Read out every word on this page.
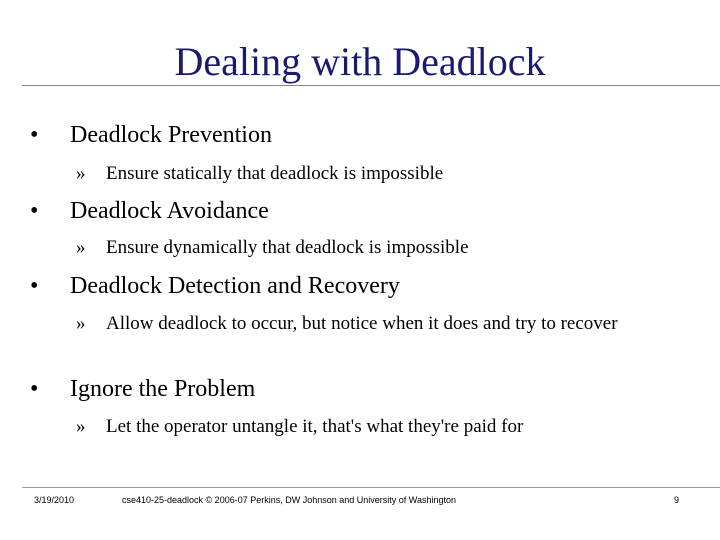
Dealing with Deadlock
• Deadlock Prevention
»	Ensure statically that deadlock is impossible
• Deadlock Avoidance
»	Ensure dynamically that deadlock is impossible
• Deadlock Detection and Recovery
»	Allow deadlock to occur, but notice when it does and try to recover
• Ignore the Problem
»	Let the operator untangle it, that's what they're paid for
3/19/2010	cse410-25-deadlock © 2006-07 Perkins, DW Johnson and University of Washington	9
